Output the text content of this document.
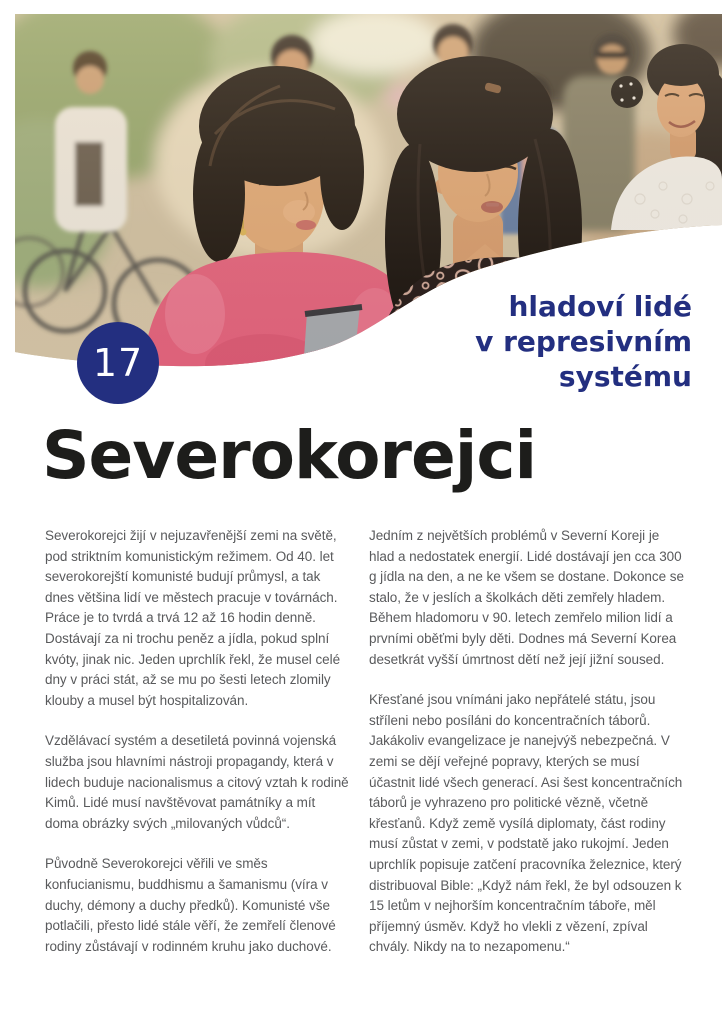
17
hladoví lidé
v represivním
systému
Severokorejci

Severokorejci žijí v nejuzavřenější zemi na světě, pod striktním komunistickým režimem. Od 40. let severokorejští komunisté budují průmysl, a tak dnes většina lidí ve městech pracuje v továrnách. Práce je to tvrdá a trvá 12 až 16 hodin denně. Dostávají za ni trochu peněz a jídla, pokud splní kvóty, jinak nic. Jeden uprchlík řekl, že musel celé dny v práci stát, až se mu po šesti letech zlomily klouby a musel být hospitalizován.

Vzdělávací systém a desetiletá povinná vojenská služba jsou hlavními nástroji propagandy, která v lidech buduje nacionalismus a citový vztah k rodině Kimů. Lidé musí navštěvovat památníky a mít doma obrázky svých „milovaných vůdců“.

Původně Severokorejci věřili ve směs konfucianismu, buddhismu a šamanismu (víra v duchy, démony a duchy předků). Komunisté vše potlačili, přesto lidé stále věří, že zemřelí členové rodiny zůstávají v rodinném kruhu jako duchové.

Jedním z největších problémů v Severní Koreji je hlad a nedostatek energií. Lidé dostávají jen cca 300 g jídla na den, a ne ke všem se dostane. Dokonce se stalo, že v jeslích a školkách děti zemřely hladem. Během hladomoru v 90. letech zemřelo milion lidí a prvními oběťmi byly děti. Dodnes má Severní Korea desetkrát vyšší úmrtnost dětí než její jižní soused.

Křesťané jsou vnímáni jako nepřátelé státu, jsou stříleni nebo posíláni do koncentračních táborů. Jakákoliv evangelizace je nanejvýš nebezpečná. V zemi se dějí veřejné popravy, kterých se musí účastnit lidé všech generací. Asi šest koncentračních táborů je vyhrazeno pro politické vězně, včetně křesťanů. Když země vysílá diplomaty, část rodiny musí zůstat v zemi, v podstatě jako rukojmí. Jeden uprchlík popisuje zatčení pracovníka železnice, který distribuoval Bible: „Když nám řekl, že byl odsouzen k 15 letům v nejhorším koncentračním táboře, měl příjemný úsměv. Když ho vlekli z vězení, zpíval chvály. Nikdy na to nezapomenu.“
